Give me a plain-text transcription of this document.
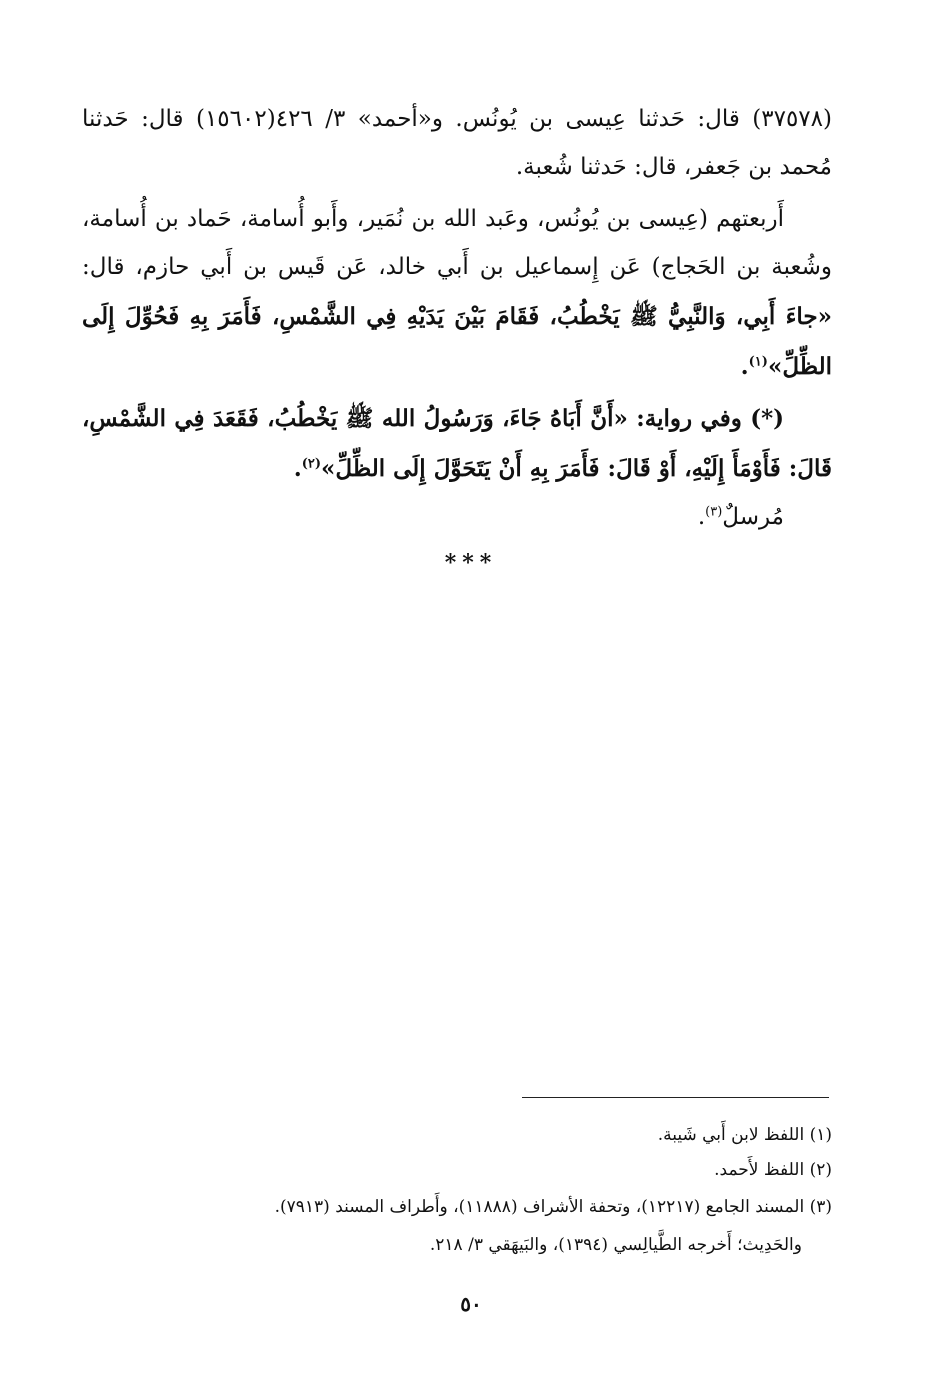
(٣٧٥٧٨) قال: حَدثنا عِيسى بن يُونُس. و«أحمد» ٣/ ٤٢٦(١٥٦٠٢) قال: حَدثنا
مُحمد بن جَعفر، قال: حَدثنا شُعبة.
أَربعتهم (عِيسى بن يُونُس، وعَبد الله بن نُمَير، وأَبو أُسامة، حَماد بن أُسامة،
وشُعبة بن الحَجاج) عَن إِسماعيل بن أَبي خالد، عَن قَيس بن أَبي حازم، قال:
«جاءَ أَبِي، وَالنَّبِيُّ ﷺ يَخْطُبُ، فَقَامَ بَيْنَ يَدَيْهِ فِي الشَّمْسِ، فَأَمَرَ بِهِ فَحُوِّلَ إِلَى
الظِّلِّ»$^{(١)}$.
(*) وفي رواية: «أَنَّ أَبَاهُ جَاءَ، وَرَسُولُ الله ﷺ يَخْطُبُ، فَقَعَدَ فِي الشَّمْسِ،
قَالَ: فَأَوْمَأَ إِلَيْهِ، أَوْ قَالَ: فَأَمَرَ بِهِ أَنْ يَتَحَوَّلَ إِلَى الظِّلِّ»$^{(٢)}$.
مُرسلٌ$^{(٣)}$.
***
(١) اللفظ لابن أَبي شَيبة.
(٢) اللفظ لأَحمد.
(٣) المسند الجامع (١٢٢١٧)، وتحفة الأشراف (١١٨٨٨)، وأَطراف المسند (٧٩١٣).
والحَدِيث؛ أَخرجه الطَّيالِسي (١٣٩٤)، والبَيهَقي ٣/ ٢١٨.
٥٠
